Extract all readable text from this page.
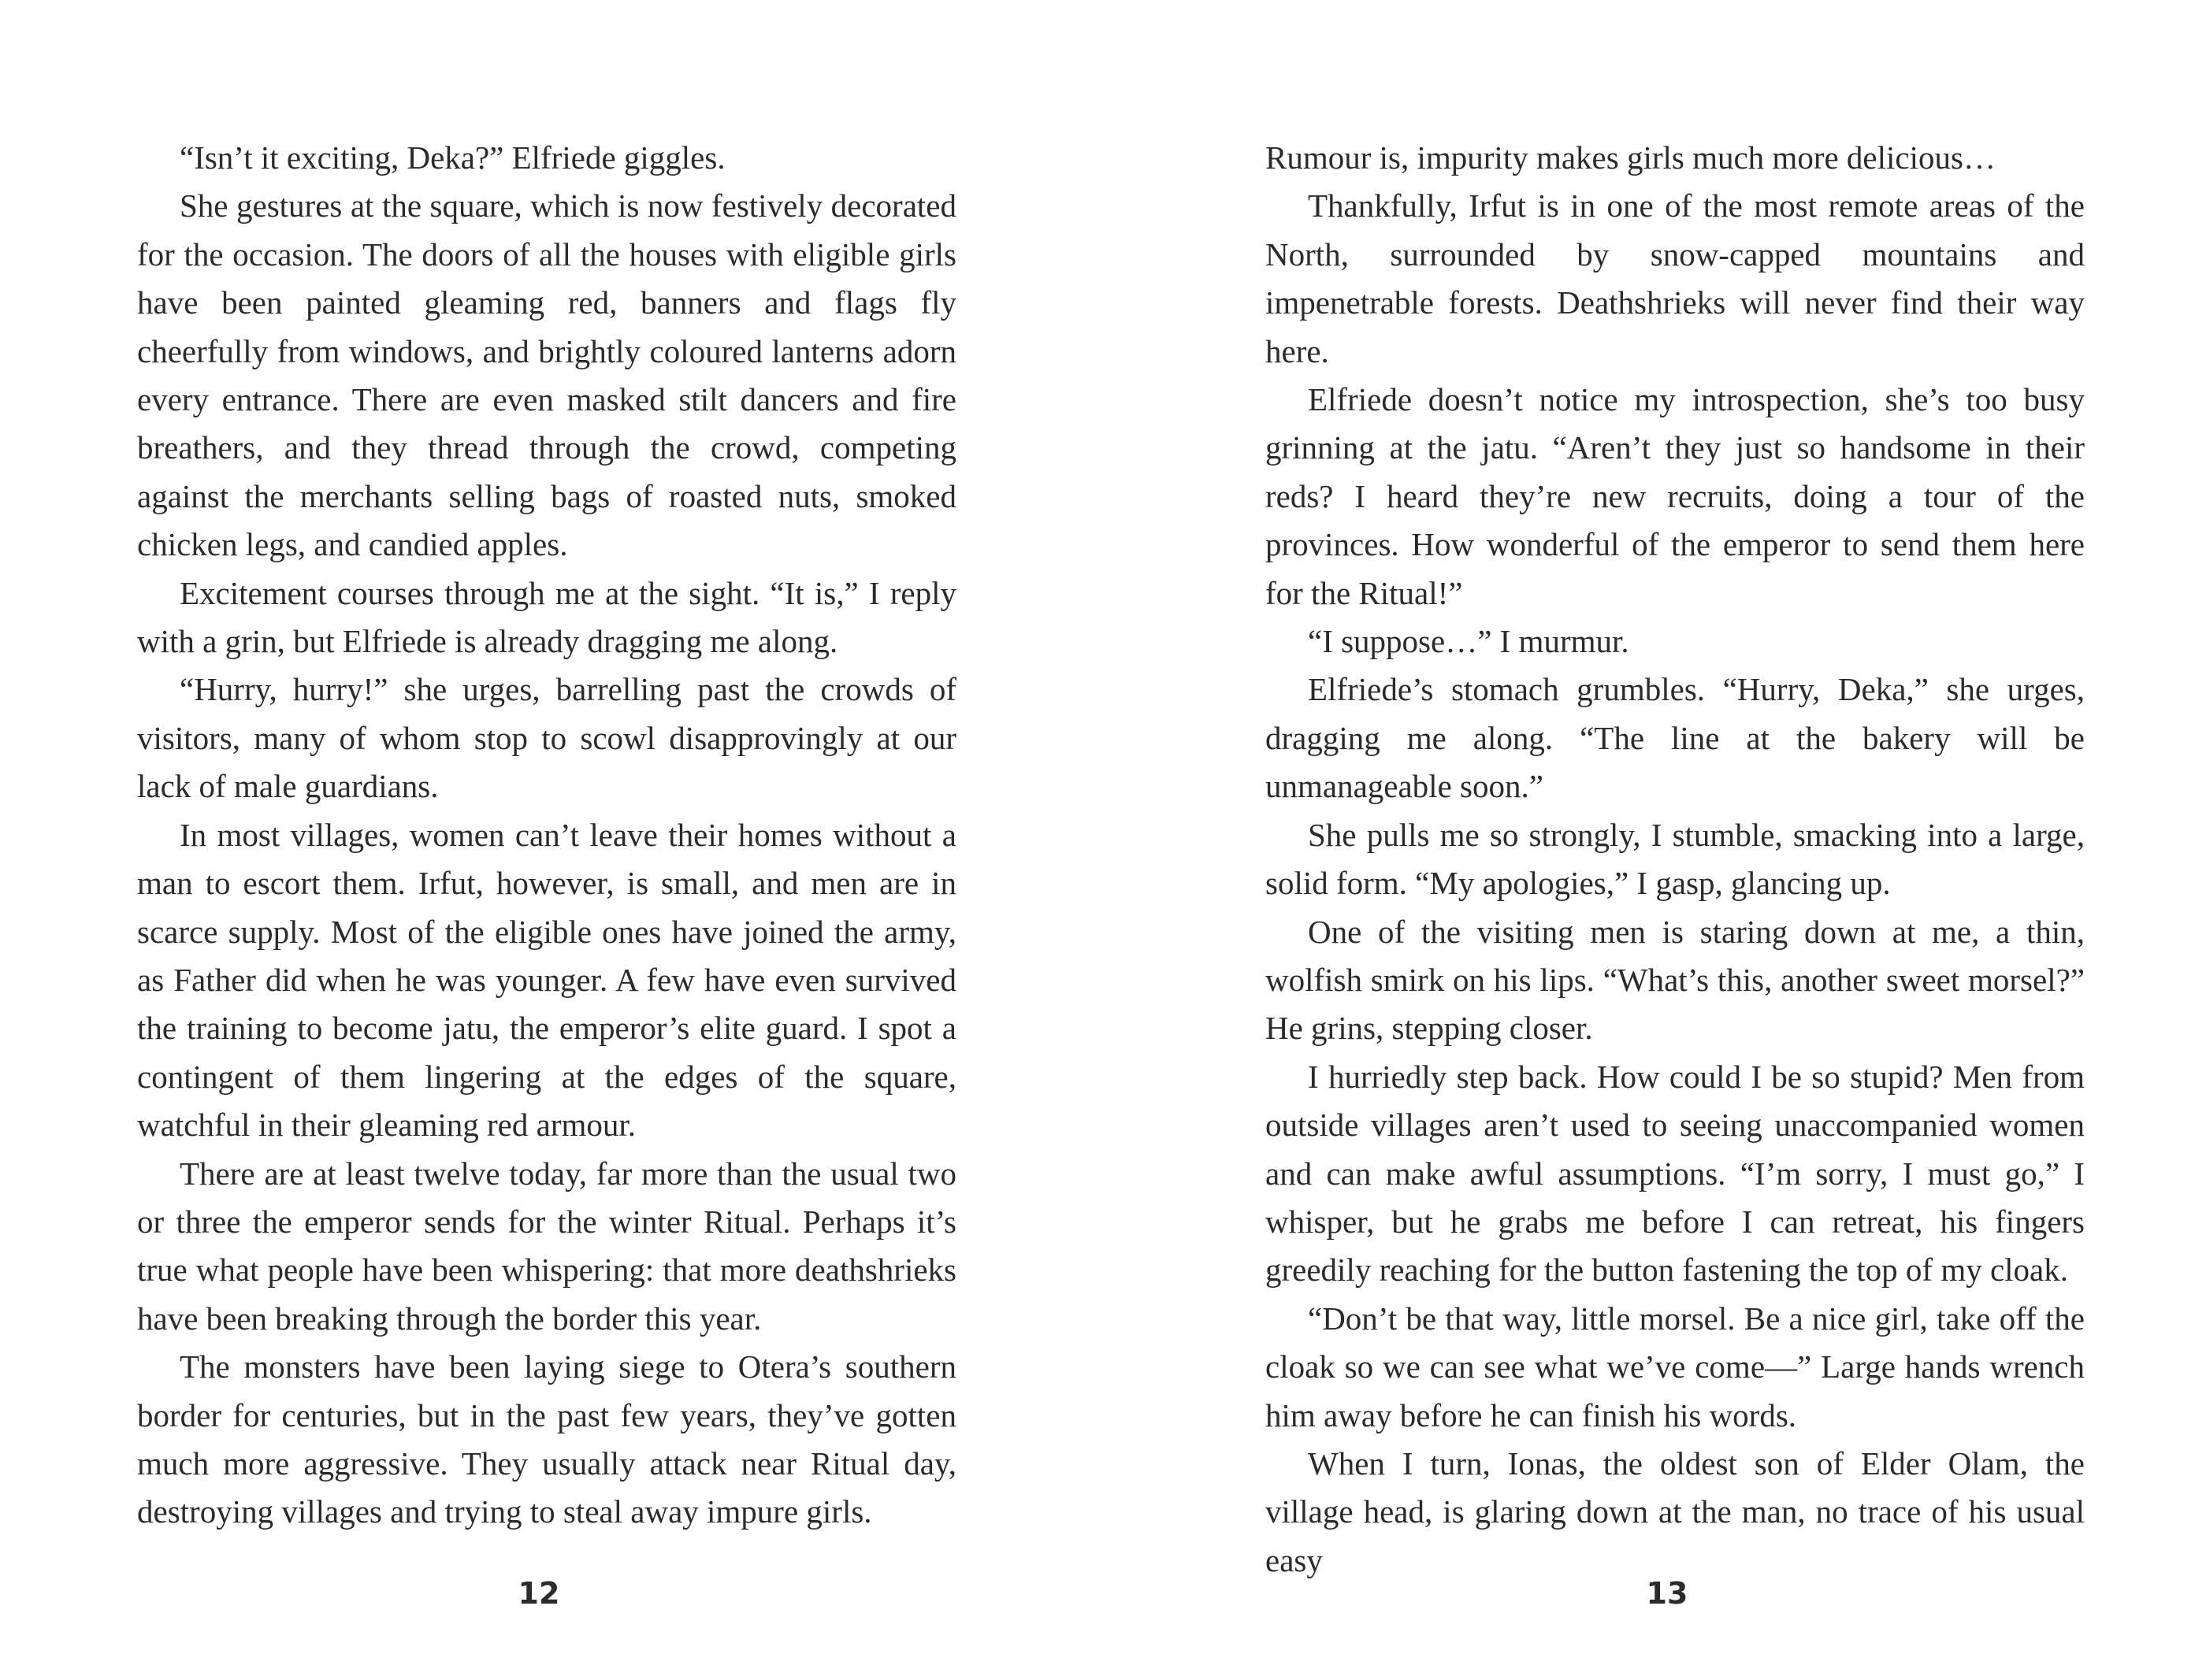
“Isn’t it exciting, Deka?” Elfriede giggles.

She gestures at the square, which is now festively decorated for the occasion. The doors of all the houses with eligible girls have been painted gleaming red, banners and flags fly cheerfully from windows, and brightly coloured lanterns adorn every entrance. There are even masked stilt dancers and fire breathers, and they thread through the crowd, competing against the merchants selling bags of roasted nuts, smoked chicken legs, and candied apples.

Excitement courses through me at the sight. “It is,” I reply with a grin, but Elfriede is already dragging me along.

“Hurry, hurry!” she urges, barrelling past the crowds of visitors, many of whom stop to scowl disapprovingly at our lack of male guardians.

In most villages, women can’t leave their homes without a man to escort them. Irfut, however, is small, and men are in scarce supply. Most of the eligible ones have joined the army, as Father did when he was younger. A few have even survived the training to become jatu, the emperor’s elite guard. I spot a contingent of them lingering at the edges of the square, watchful in their gleaming red armour.

There are at least twelve today, far more than the usual two or three the emperor sends for the winter Ritual. Perhaps it’s true what people have been whispering: that more deathshrieks have been breaking through the border this year.

The monsters have been laying siege to Otera’s southern border for centuries, but in the past few years, they’ve gotten much more aggressive. They usually attack near Ritual day, destroying villages and trying to steal away impure girls.

12

Rumour is, impurity makes girls much more delicious…

Thankfully, Irfut is in one of the most remote areas of the North, surrounded by snow-capped mountains and impenetrable forests. Deathshrieks will never find their way here.

Elfriede doesn’t notice my introspection, she’s too busy grinning at the jatu. “Aren’t they just so handsome in their reds? I heard they’re new recruits, doing a tour of the provinces. How wonderful of the emperor to send them here for the Ritual!”

“I suppose…” I murmur.

Elfriede’s stomach grumbles. “Hurry, Deka,” she urges, dragging me along. “The line at the bakery will be unmanageable soon.”

She pulls me so strongly, I stumble, smacking into a large, solid form. “My apologies,” I gasp, glancing up.

One of the visiting men is staring down at me, a thin, wolfish smirk on his lips. “What’s this, another sweet morsel?” He grins, stepping closer.

I hurriedly step back. How could I be so stupid? Men from outside villages aren’t used to seeing unaccompanied women and can make awful assumptions. “I’m sorry, I must go,” I whisper, but he grabs me before I can retreat, his fingers greedily reaching for the button fastening the top of my cloak.

“Don’t be that way, little morsel. Be a nice girl, take off the cloak so we can see what we’ve come—” Large hands wrench him away before he can finish his words.

When I turn, Ionas, the oldest son of Elder Olam, the village head, is glaring down at the man, no trace of his usual easy

13
